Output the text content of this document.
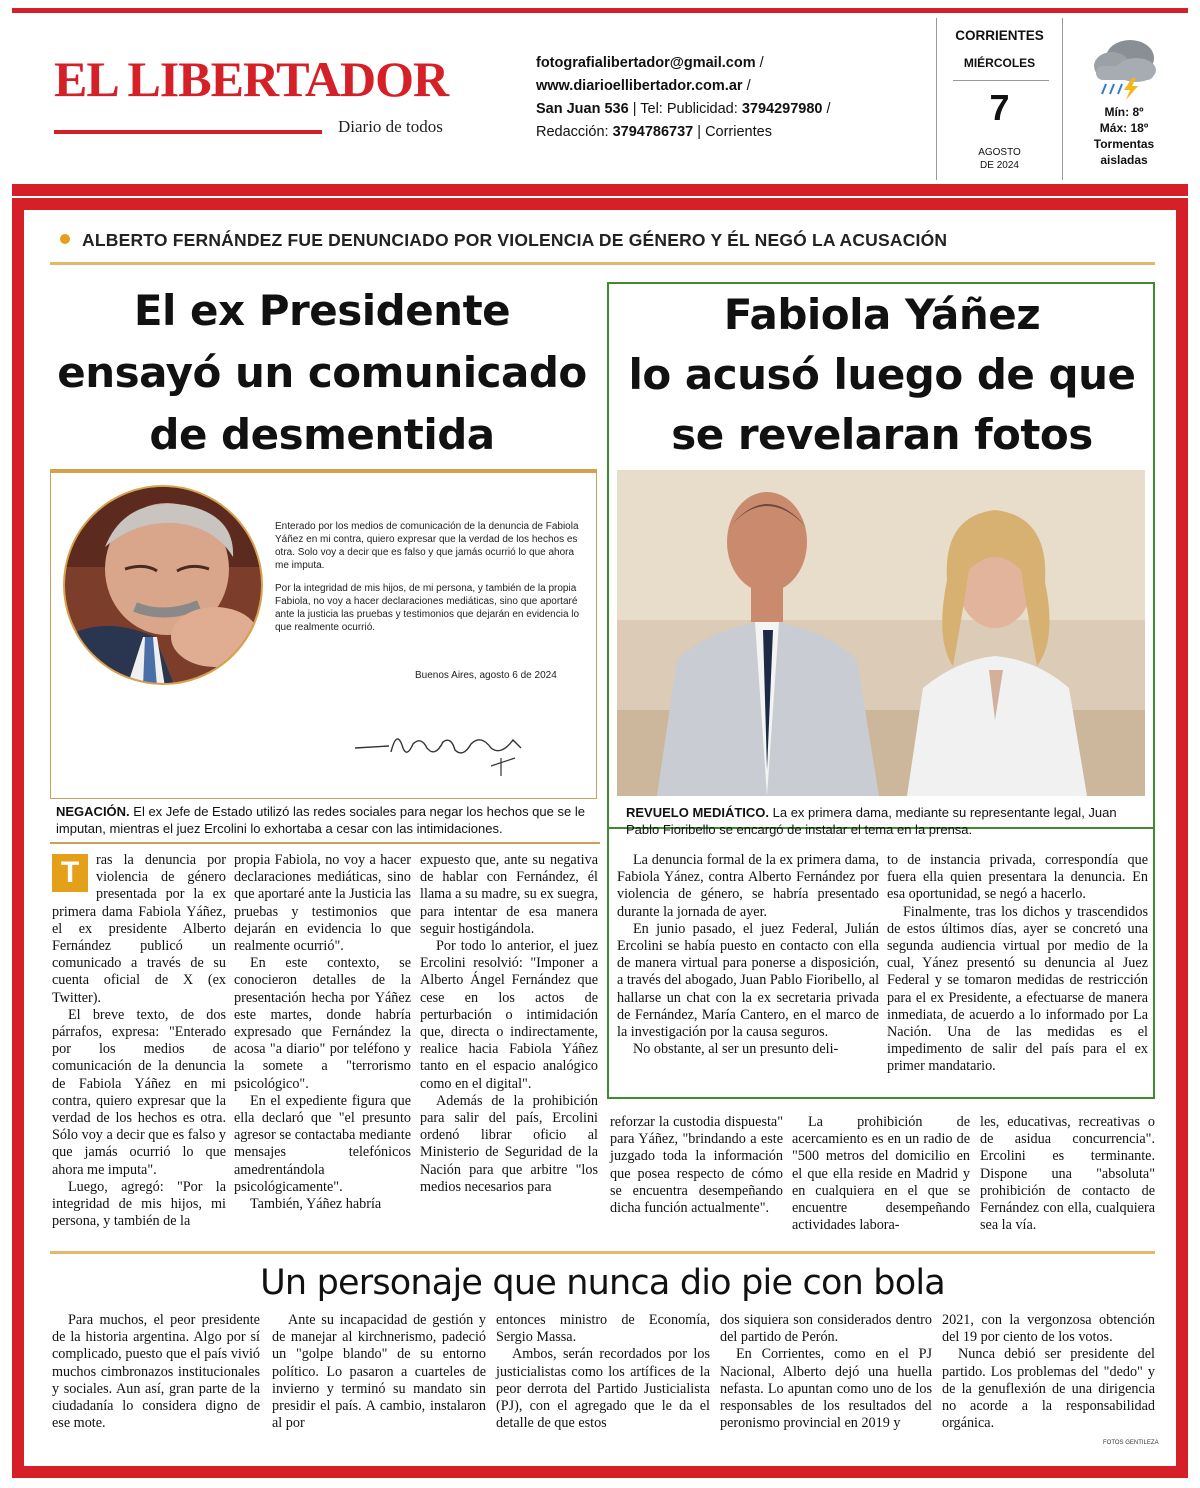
EL LIBERTADOR
Diario de todos
fotografialibertador@gmail.com /
www.diarioellibertador.com.ar /
San Juan 536 | Tel: Publicidad: 3794297980 /
Redacción: 3794786737 | Corrientes
CORRIENTES
MIÉRCOLES
7
AGOSTO
DE 2024
Mín: 8º
Máx: 18º
Tormentas
aisladas
ALBERTO FERNÁNDEZ FUE DENUNCIADO POR VIOLENCIA DE GÉNERO Y ÉL NEGÓ LA ACUSACIÓN
El ex Presidente
ensayó un comunicado
de desmentida

Enterado por los medios de comunicación de la denuncia de Fabiola Yáñez en mi contra, quiero expresar que la verdad de los hechos es otra. Solo voy a decir que es falso y que jamás ocurrió lo que ahora me imputa.

Por la integridad de mis hijos, de mi persona, y también de la propia Fabiola, no voy a hacer declaraciones mediáticas, sino que aportaré ante la justicia las pruebas y testimonios que dejarán en evidencia lo que realmente ocurrió.

Buenos Aires, agosto 6 de 2024
NEGACIÓN. El ex Jefe de Estado utilizó las redes sociales para negar los hechos que se le imputan, mientras el juez Ercolini lo exhortaba a cesar con las intimidaciones.

T	ras la denuncia por violencia de género presentada por la ex primera dama Fabiola Yáñez, el ex presidente Alberto Fernández publicó un comunicado a través de su cuenta oficial de X (ex Twitter).

El breve texto, de dos párrafos, expresa: "Enterado por los medios de comunicación de la denuncia de Fabiola Yáñez en mi contra, quiero expresar que la verdad de los hechos es otra. Sólo voy a decir que es falso y que jamás ocurrió lo que ahora me imputa".

Luego, agregó: "Por la integridad de mis hijos, mi persona, y también de la

propia Fabiola, no voy a hacer declaraciones mediáticas, sino que aportaré ante la Justicia las pruebas y testimonios que dejarán en evidencia lo que realmente ocurrió".

En este contexto, se conocieron detalles de la presentación hecha por Yáñez este martes, donde habría expresado que Fernández la acosa "a diario" por teléfono y la somete a "terrorismo psicológico".

En el expediente figura que ella declaró que "el presunto agresor se contactaba mediante mensajes telefónicos amedrentándola psicológicamente".

También, Yáñez habría

expuesto que, ante su negativa de hablar con Fernández, él llama a su madre, su ex suegra, para intentar de esa manera seguir hostigándola.

Por todo lo anterior, el juez Ercolini resolvió: "Imponer a Alberto Ángel Fernández que cese en los actos de perturbación o intimidación que, directa o indirectamente, realice hacia Fabiola Yáñez tanto en el espacio analógico como en el digital".

Además de la prohibición para salir del país, Ercolini ordenó librar oficio al Ministerio de Seguridad de la Nación para que arbitre "los medios necesarios para

Fabiola Yáñez
lo acusó luego de que
se revelaran fotos
REVUELO MEDIÁTICO. La ex primera dama, mediante su representante legal, Juan Pablo Fioribello se encargó de instalar el tema en la prensa.

La denuncia formal de la ex primera dama, Fabiola Yánez, contra Alberto Fernández por violencia de género, se habría presentado durante la jornada de ayer.

En junio pasado, el juez Federal, Julián Ercolini se había puesto en contacto con ella de manera virtual para ponerse a disposición, a través del abogado, Juan Pablo Fioribello, al hallarse un chat con la ex secretaria privada de Fernández, María Cantero, en el marco de la investigación por la causa seguros.

No obstante, al ser un presunto deli-

to de instancia privada, correspondía que fuera ella quien presentara la denuncia. En esa oportunidad, se negó a hacerlo.

Finalmente, tras los dichos y trascendidos de estos últimos días, ayer se concretó una segunda audiencia virtual por medio de la cual, Yánez presentó su denuncia al Juez Federal y se tomaron medidas de restricción para el ex Presidente, a efectuarse de manera inmediata, de acuerdo a lo informado por La Nación. Una de las medidas es el impedimento de salir del país para el ex primer mandatario.

reforzar la custodia dispuesta" para Yáñez, "brindando a este juzgado toda la información que posea respecto de cómo se encuentra desempeñando dicha función actualmente".

La prohibición de acercamiento es en un radio de "500 metros del domicilio en el que ella reside en Madrid y en cualquiera en el que se encuentre desempeñando actividades labora-

les, educativas, recreativas o de asidua concurrencia". Ercolini es terminante. Dispone una "absoluta" prohibición de contacto de Fernández con ella, cualquiera sea la vía.

Un personaje que nunca dio pie con bola

Para muchos, el peor presidente de la historia argentina. Algo por sí complicado, puesto que el país vivió muchos cimbronazos institucionales y sociales. Aun así, gran parte de la ciudadanía lo considera digno de ese mote.

Ante su incapacidad de gestión y de manejar al kirchnerismo, padeció un "golpe blando" de su entorno político. Lo pasaron a cuarteles de invierno y terminó su mandato sin presidir el país. A cambio, instalaron al por

entonces ministro de Economía, Sergio Massa.

Ambos, serán recordados por los justicialistas como los artífices de la peor derrota del Partido Justicialista (PJ), con el agregado que le da el detalle de que estos

dos siquiera son considerados dentro del partido de Perón.

En Corrientes, como en el PJ Nacional, Alberto dejó una huella nefasta. Lo apuntan como uno de los responsables de los resultados del peronismo provincial en 2019 y

2021, con la vergonzosa obtención del 19 por ciento de los votos.

Nunca debió ser presidente del partido. Los problemas del "dedo" y de la genuflexión de una dirigencia no acorde a la responsabilidad orgánica.

FOTOS GENTILEZA
